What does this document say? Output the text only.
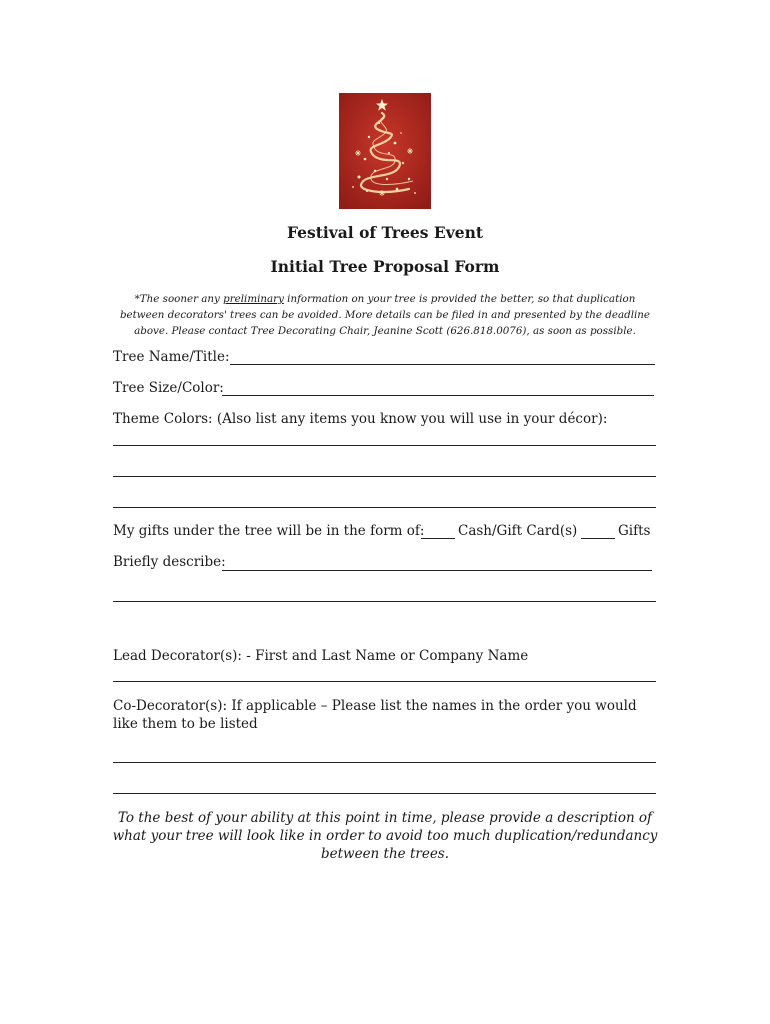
Festival of Trees Event
Initial Tree Proposal Form
*The sooner any preliminary information on your tree is provided the better, so that duplication between decorators' trees can be avoided. More details can be filed in and presented by the deadline above. Please contact Tree Decorating Chair, Jeanine Scott (626.818.0076), as soon as possible.
Tree Name/Title:
Tree Size/Color:
Theme Colors: (Also list any items you know you will use in your décor):
My gifts under the tree will be in the form of: Cash/Gift Card(s)	Gifts
Briefly describe:
Lead Decorator(s): - First and Last Name or Company Name
Co-Decorator(s): If applicable – Please list the names in the order you would like them to be listed
To the best of your ability at this point in time, please provide a description of what your tree will look like in order to avoid too much duplication/redundancy between the trees.
